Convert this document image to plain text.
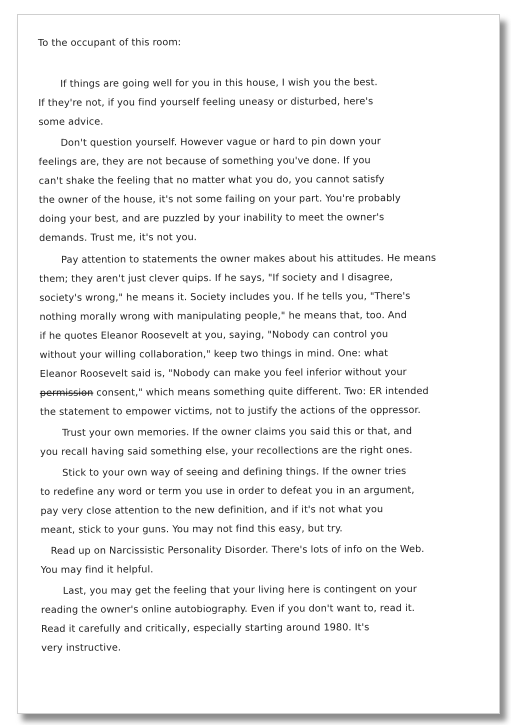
To the occupant of this room:
If things are going well for you in this house, I wish you the best.
If they're not, if you find yourself feeling uneasy or disturbed, here's
some advice.
Don't question yourself. However vague or hard to pin down your
feelings are, they are not because of something you've done. If you
can't shake the feeling that no matter what you do, you cannot satisfy
the owner of the house, it's not some failing on your part. You're probably
doing your best, and are puzzled by your inability to meet the owner's
demands. Trust me, it's not you.
Pay attention to statements the owner makes about his attitudes. He means
them; they aren't just clever quips. If he says, "If society and I disagree,
society's wrong," he means it. Society includes you. If he tells you, "There's
nothing morally wrong with manipulating people," he means that, too. And
if he quotes Eleanor Roosevelt at you, saying, "Nobody can control you
without your willing collaboration," keep two things in mind. One: what
Eleanor Roosevelt said is, "Nobody can make you feel inferior without your
permission consent," which means something quite different. Two: ER intended
the statement to empower victims, not to justify the actions of the oppressor.
Trust your own memories. If the owner claims you said this or that, and
you recall having said something else, your recollections are the right ones.
Stick to your own way of seeing and defining things. If the owner tries
to redefine any word or term you use in order to defeat you in an argument,
pay very close attention to the new definition, and if it's not what you
meant, stick to your guns. You may not find this easy, but try.
Read up on Narcissistic Personality Disorder. There's lots of info on the Web.
You may find it helpful.
Last, you may get the feeling that your living here is contingent on your
reading the owner's online autobiography. Even if you don't want to, read it.
Read it carefully and critically, especially starting around 1980. It's
very instructive.
